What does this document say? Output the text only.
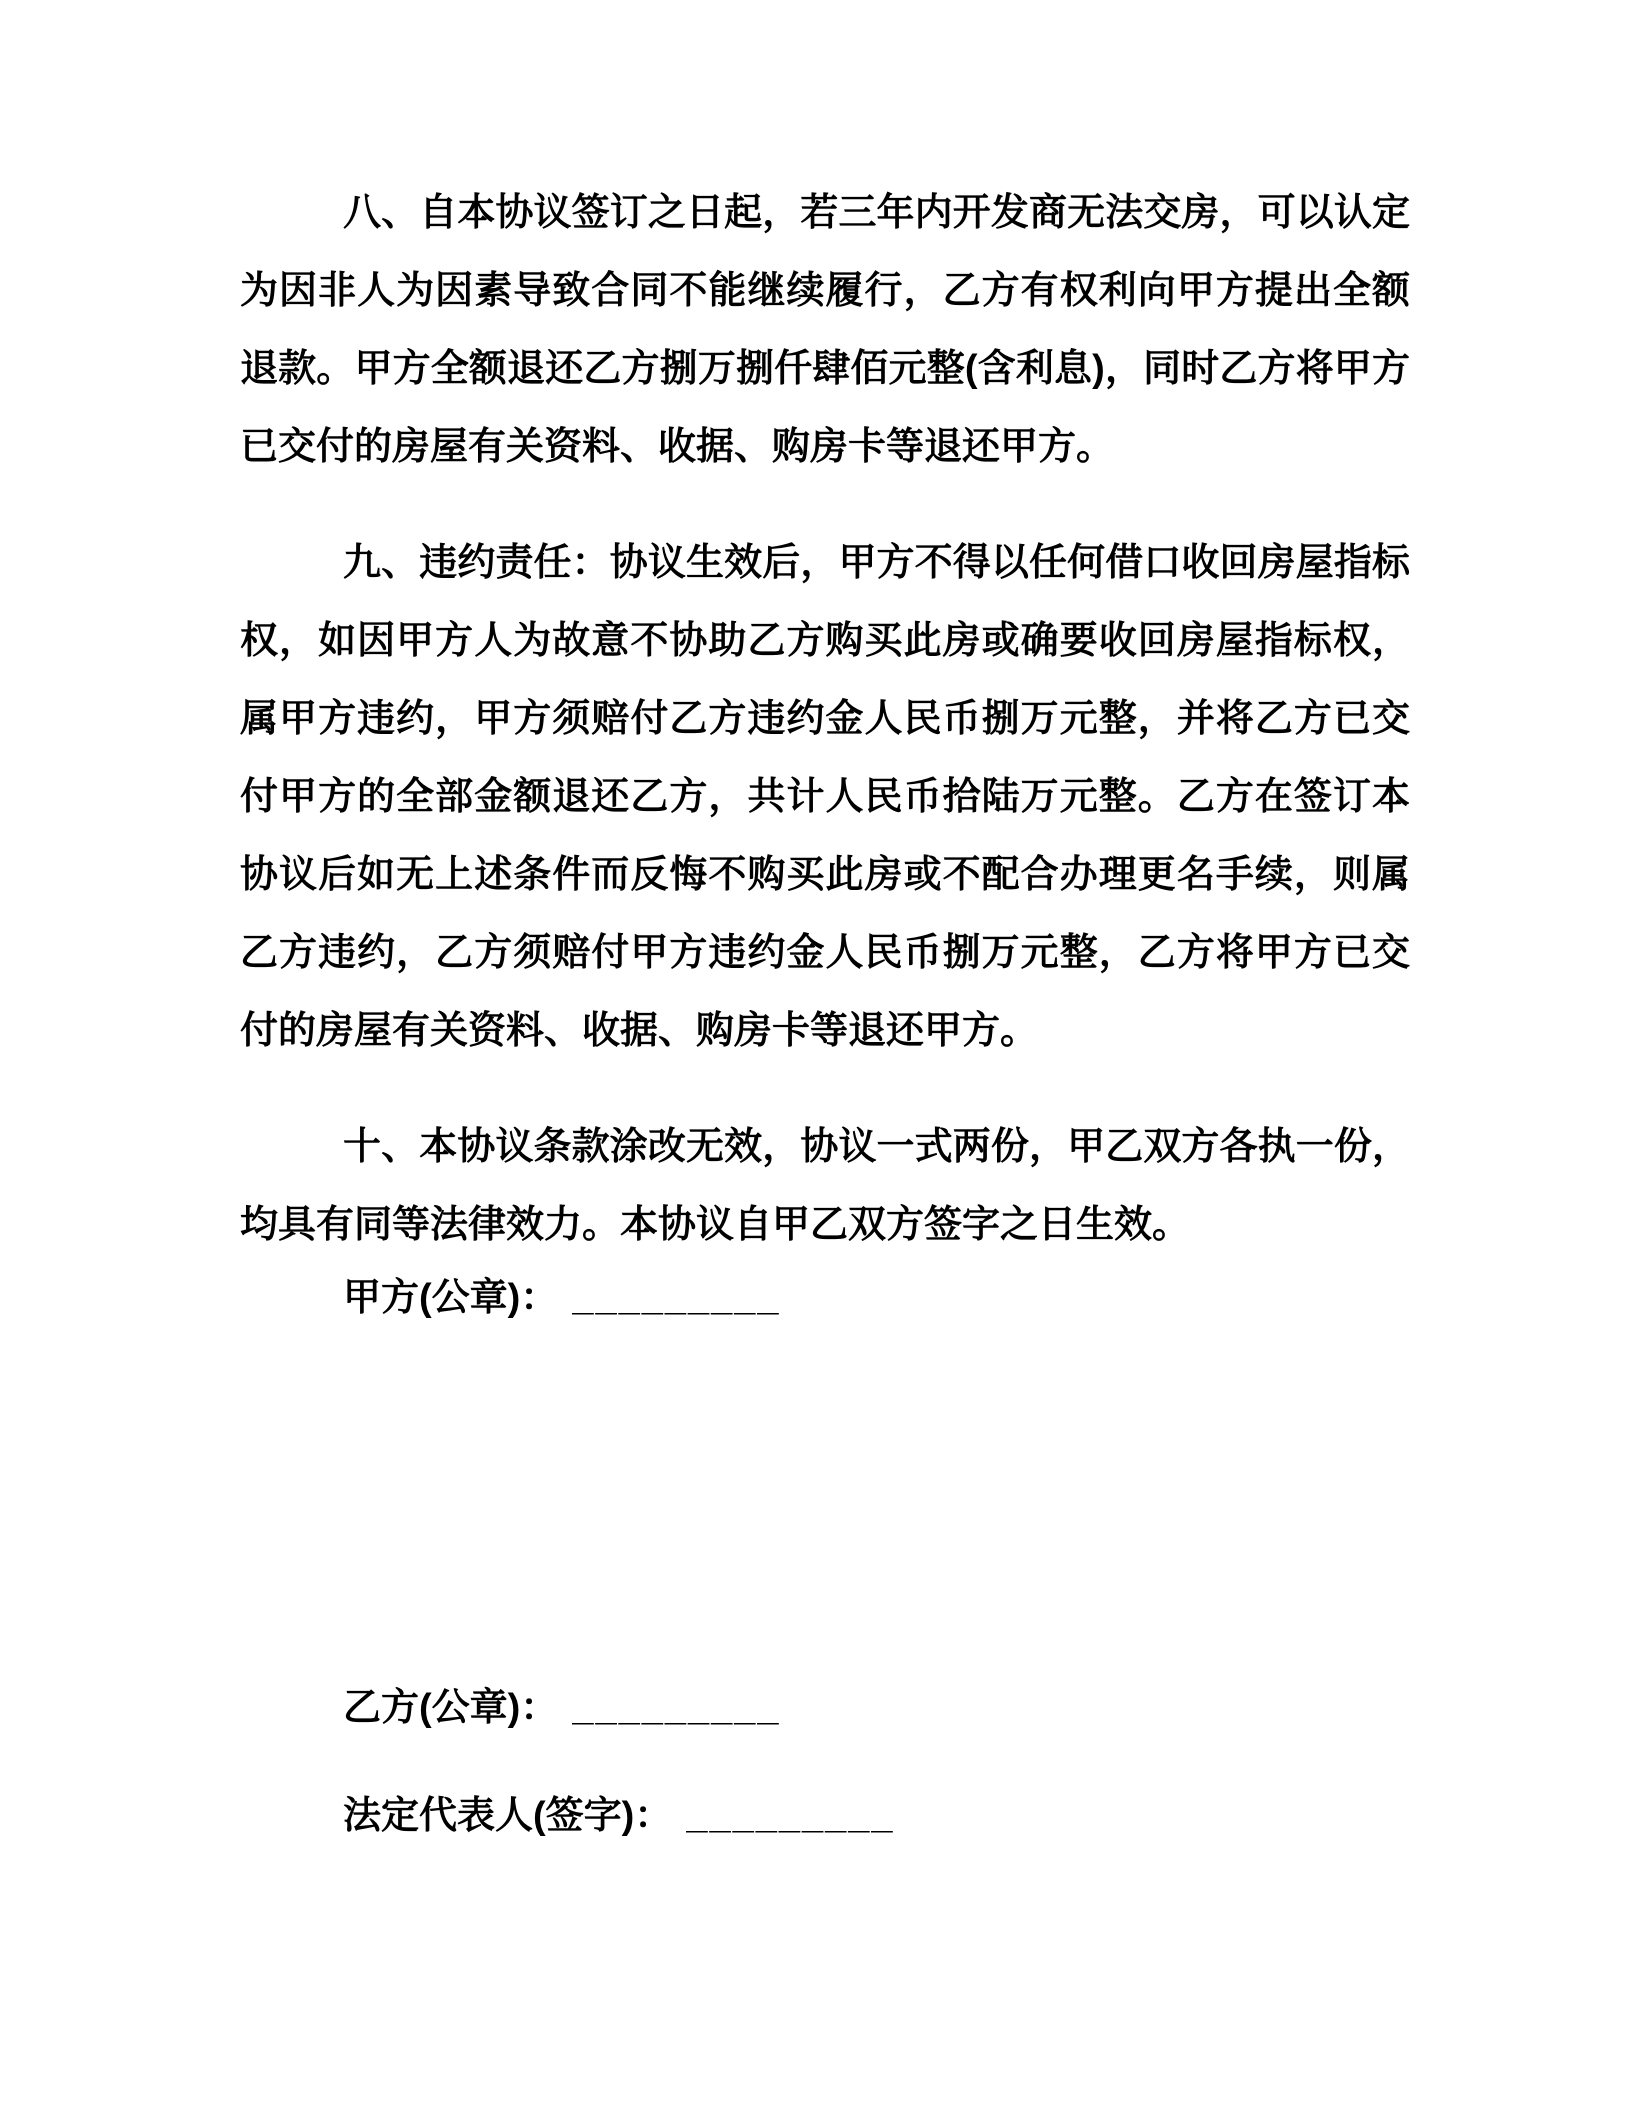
八、自本协议签订之日起，若三年内开发商无法交房，可以认定为因非人为因素导致合同不能继续履行，乙方有权利向甲方提出全额退款。甲方全额退还乙方捌万捌仟肆佰元整(含利息)，同时乙方将甲方已交付的房屋有关资料、收据、购房卡等退还甲方。

九、违约责任：协议生效后，甲方不得以任何借口收回房屋指标权，如因甲方人为故意不协助乙方购买此房或确要收回房屋指标权，属甲方违约，甲方须赔付乙方违约金人民币捌万元整，并将乙方已交付甲方的全部金额退还乙方，共计人民币拾陆万元整。乙方在签订本协议后如无上述条件而反悔不购买此房或不配合办理更名手续，则属乙方违约，乙方须赔付甲方违约金人民币捌万元整，乙方将甲方已交付的房屋有关资料、收据、购房卡等退还甲方。

十、本协议条款涂改无效，协议一式两份，甲乙双方各执一份，均具有同等法律效力。本协议自甲乙双方签字之日生效。

甲方(公章)： _________
乙方(公章)： _________
法定代表人(签字)： _________
